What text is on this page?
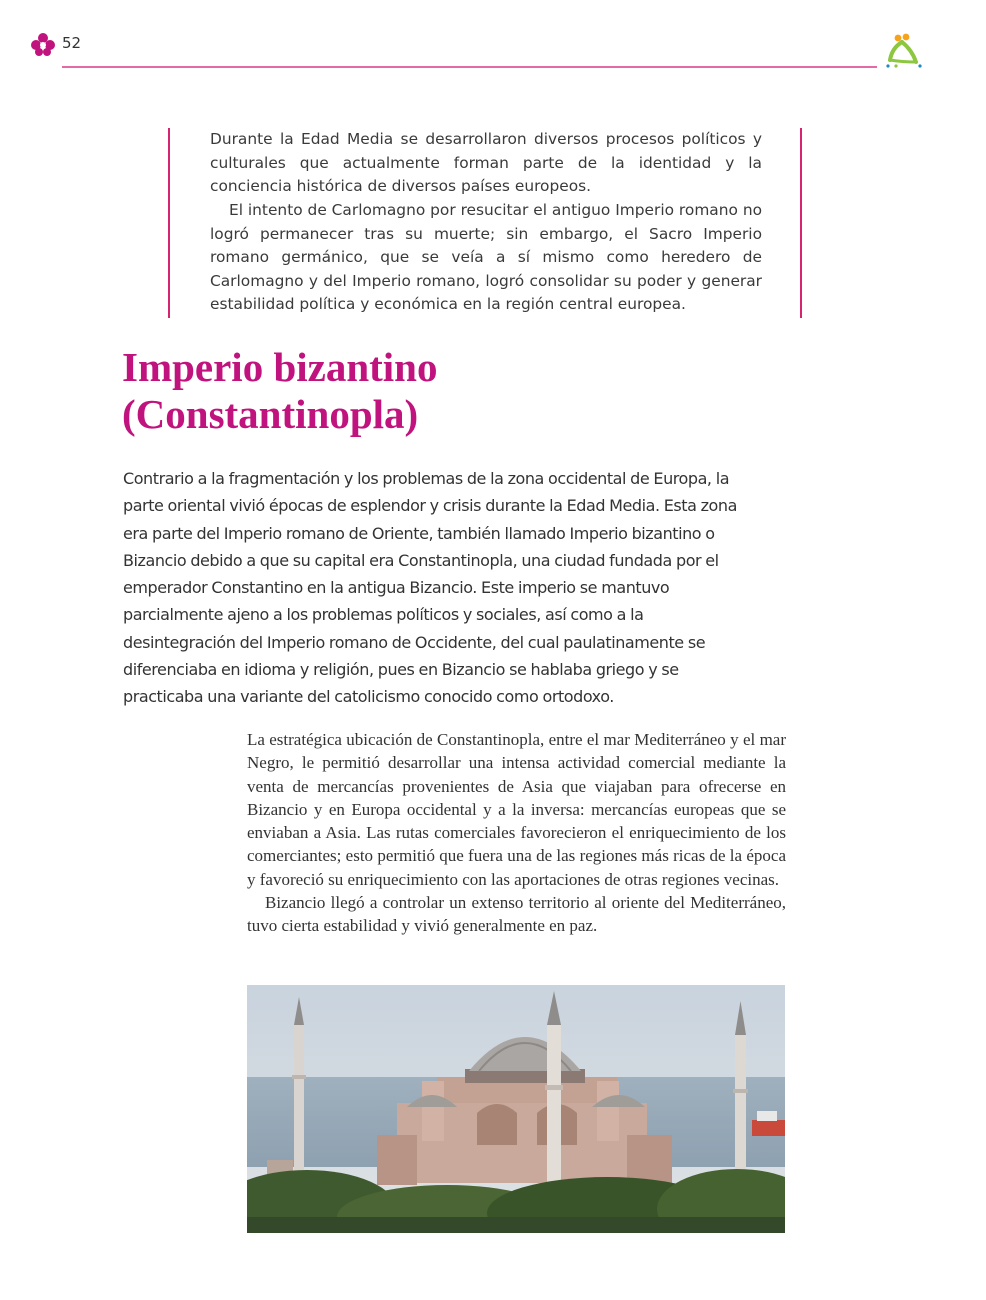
52

Durante la Edad Media se desarrollaron diversos procesos políticos y culturales que actualmente forman parte de la identidad y la conciencia histórica de diversos países europeos.

El intento de Carlomagno por resucitar el antiguo Imperio romano no logró permanecer tras su muerte; sin embargo, el Sacro Imperio romano germánico, que se veía a sí mismo como heredero de Carlomagno y del Imperio romano, logró consolidar su poder y generar estabilidad política y económica en la región central europea.

Imperio bizantino
(Constantinopla)

Contrario a la fragmentación y los problemas de la zona occidental de Europa, la parte oriental vivió épocas de esplendor y crisis durante la Edad Media. Esta zona era parte del Imperio romano de Oriente, también llamado Imperio bizantino o Bizancio debido a que su capital era Constantinopla, una ciudad fundada por el emperador Constantino en la antigua Bizancio. Este imperio se mantuvo parcialmente ajeno a los problemas políticos y sociales, así como a la desintegración del Imperio romano de Occidente, del cual paulatinamente se diferenciaba en idioma y religión, pues en Bizancio se hablaba griego y se practicaba una variante del catolicismo conocido como ortodoxo.

La estratégica ubicación de Constantinopla, entre el mar Mediterráneo y el mar Negro, le permitió desarrollar una intensa actividad comercial mediante la venta de mercancías provenientes de Asia que viajaban para ofrecerse en Bizancio y en Europa occidental y a la inversa: mercancías europeas que se enviaban a Asia. Las rutas comerciales favorecieron el enriquecimiento de los comerciantes; esto permitió que fuera una de las regiones más ricas de la época y favoreció su enriquecimiento con las aportaciones de otras regiones vecinas.

Bizancio llegó a controlar un extenso territorio al oriente del Mediterráneo, tuvo cierta estabilidad y vivió generalmente en paz.
